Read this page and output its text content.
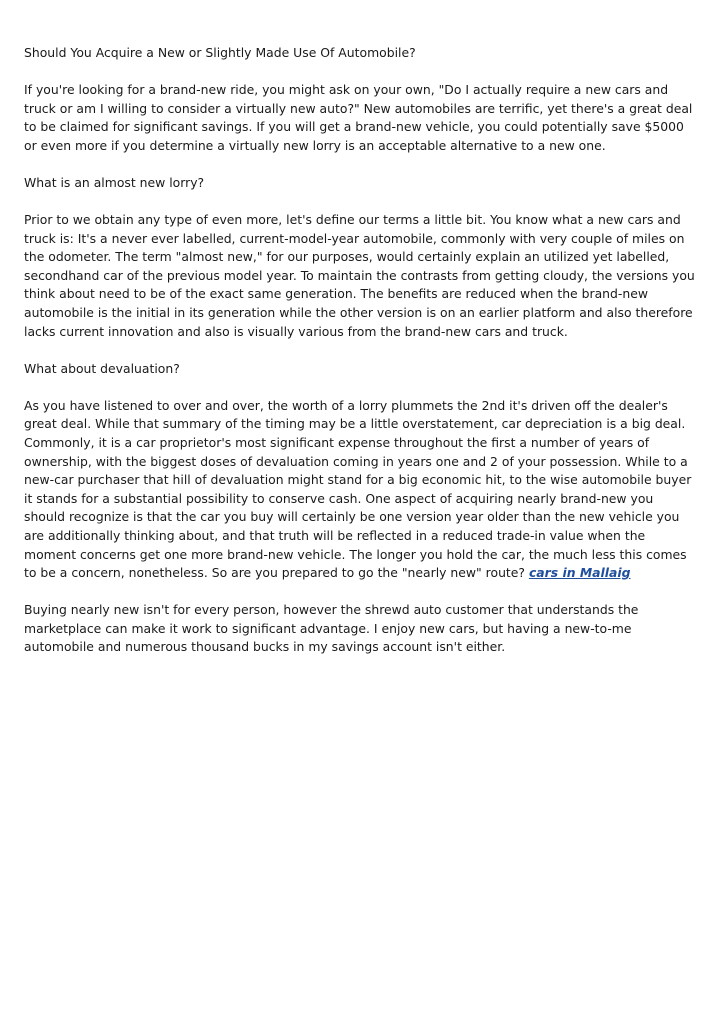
Should You Acquire a New or Slightly Made Use Of Automobile?

If you're looking for a brand-new ride, you might ask on your own, "Do I actually require a new cars and truck or am I willing to consider a virtually new auto?" New automobiles are terrific, yet there's a great deal to be claimed for significant savings. If you will get a brand-new vehicle, you could potentially save $5000 or even more if you determine a virtually new lorry is an acceptable alternative to a new one.

What is an almost new lorry?

Prior to we obtain any type of even more, let's define our terms a little bit. You know what a new cars and truck is: It's a never ever labelled, current-model-year automobile, commonly with very couple of miles on the odometer. The term "almost new," for our purposes, would certainly explain an utilized yet labelled, secondhand car of the previous model year. To maintain the contrasts from getting cloudy, the versions you think about need to be of the exact same generation. The benefits are reduced when the brand-new automobile is the initial in its generation while the other version is on an earlier platform and also therefore lacks current innovation and also is visually various from the brand-new cars and truck.

What about devaluation?

As you have listened to over and over, the worth of a lorry plummets the 2nd it's driven off the dealer's great deal. While that summary of the timing may be a little overstatement, car depreciation is a big deal. Commonly, it is a car proprietor's most significant expense throughout the first a number of years of ownership, with the biggest doses of devaluation coming in years one and 2 of your possession. While to a new-car purchaser that hill of devaluation might stand for a big economic hit, to the wise automobile buyer it stands for a substantial possibility to conserve cash. One aspect of acquiring nearly brand-new you should recognize is that the car you buy will certainly be one version year older than the new vehicle you are additionally thinking about, and that truth will be reflected in a reduced trade-in value when the moment concerns get one more brand-new vehicle. The longer you hold the car, the much less this comes to be a concern, nonetheless. So are you prepared to go the "nearly new" route? cars in Mallaig

Buying nearly new isn't for every person, however the shrewd auto customer that understands the marketplace can make it work to significant advantage. I enjoy new cars, but having a new-to-me automobile and numerous thousand bucks in my savings account isn't either.
